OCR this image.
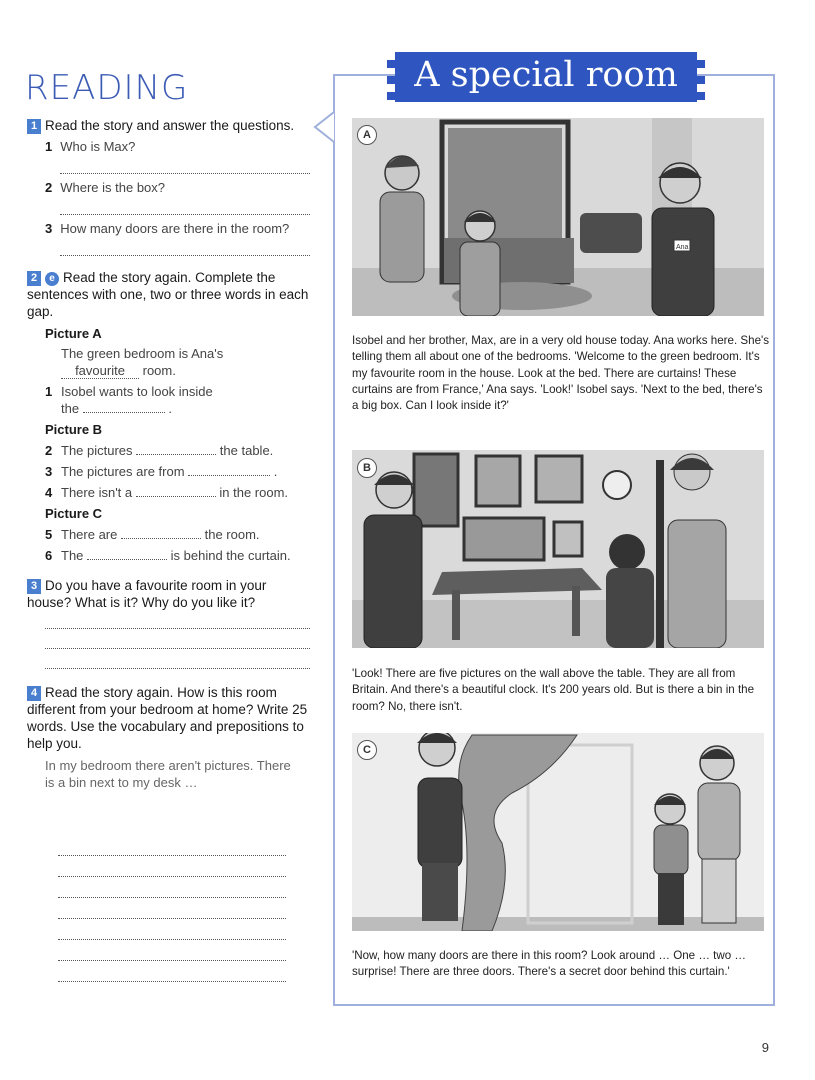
READING
1 Read the story and answer the questions.
1 Who is Max?
2 Where is the box?
3 How many doors are there in the room?
2 e Read the story again. Complete the sentences with one, two or three words in each gap.
Picture A
The green bedroom is Ana's
favourite room.
1 Isobel wants to look inside
the	.
Picture B
2 The pictures	the table.
3 The pictures are from	.
4 There isn't a	in the room.
Picture C
5 There are	the room.
6 The	is behind the curtain.
3 Do you have a favourite room in your house? What is it? Why do you like it?
4 Read the story again. How is this room different from your bedroom at home? Write 25 words. Use the vocabulary and prepositions to help you.
In my bedroom there aren't pictures. There is a bin next to my desk …
A special room
Ana
A
Isobel and her brother, Max, are in a very old house today. Ana works here. She's telling them all about one of the bedrooms. 'Welcome to the green bedroom. It's my favourite room in the house. Look at the bed. There are curtains! These curtains are from France,' Ana says. 'Look!' Isobel says. 'Next to the bed, there's a big box. Can I look inside it?'
B
'Look! There are five pictures on the wall above the table. They are all from Britain. And there's a beautiful clock. It's 200 years old. But is there a bin in the room? No, there isn't.
C
'Now, how many doors are there in this room? Look around … One … two … surprise! There are three doors. There's a secret door behind this curtain.'
9
